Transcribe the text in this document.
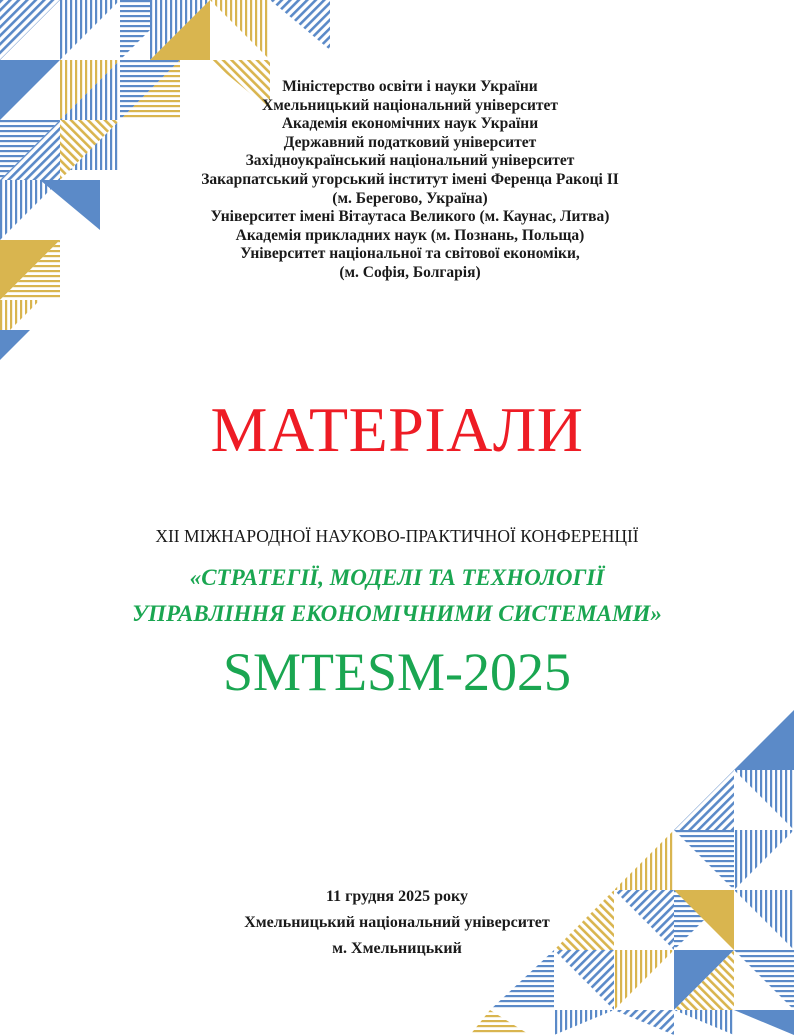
Міністерство освіти і науки України
Хмельницький національний університет
Академія економічних наук України
Державний податковий університет
Західноукраїнський національний університет
Закарпатський угорський інститут імені Ференца Ракоці II
(м. Берегово, Україна)
Університет імені Вітаутаса Великого (м. Каунас, Литва)
Академія прикладних наук (м. Познань, Польща)
Університет національної та світової економіки,
(м. Софія, Болгарія)
МАТЕРІАЛИ
XII МІЖНАРОДНОЇ НАУКОВО-ПРАКТИЧНОЇ КОНФЕРЕНЦІЇ
«СТРАТЕГІЇ, МОДЕЛІ ТА ТЕХНОЛОГІЇ
УПРАВЛІННЯ ЕКОНОМІЧНИМИ СИСТЕМАМИ»
SMTESM-2025
11 грудня 2025 року
Хмельницький національний університет
м. Хмельницький
